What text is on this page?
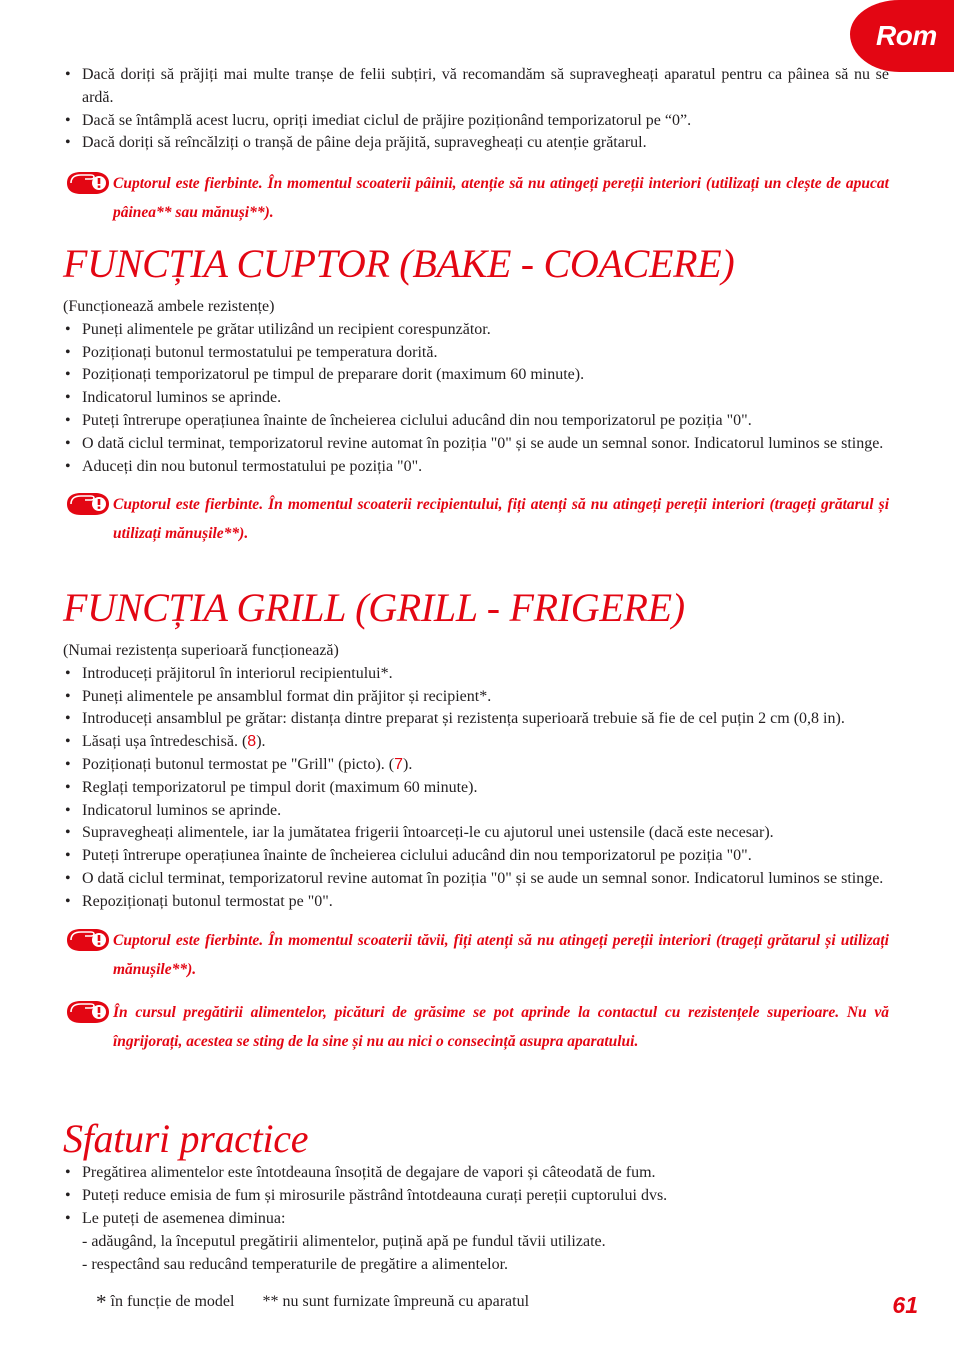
Rom
• Dacă doriți să prăjiți mai multe tranșe de felii subțiri, vă recomandăm să supravegheați aparatul pentru ca pâinea să nu se ardă.
• Dacă se întâmplă acest lucru, opriți imediat ciclul de prăjire poziționând temporizatorul pe “0”.
• Dacă doriți să reîncălziți o tranșă de pâine deja prăjită, supravegheați cu atenție grătarul.
Cuptorul este fierbinte. În momentul scoaterii pâinii, atenție să nu atingeți pereții interiori (utilizați un clește de apucat pâinea** sau mănuși**).
FUNCȚIA CUPTOR (BAKE - COACERE)
(Funcționează ambele rezistențe)
• Puneți alimentele pe grătar utilizând un recipient corespunzător.
• Poziționați butonul termostatului pe temperatura dorită.
• Poziționați temporizatorul pe timpul de preparare dorit (maximum 60 minute).
• Indicatorul luminos se aprinde.
• Puteți întrerupe operațiunea înainte de încheierea ciclului aducând din nou temporizatorul pe poziția "0".
• O dată ciclul terminat, temporizatorul revine automat în poziția "0" și se aude un semnal sonor. Indicatorul luminos se stinge.
• Aduceți din nou butonul termostatului pe poziția "0".
Cuptorul este fierbinte. În momentul scoaterii recipientului, fiți atenți să nu atingeți pereții interiori (trageți grătarul și utilizați mănușile**).
FUNCȚIA GRILL (GRILL - FRIGERE)
(Numai rezistența superioară funcționează)
• Introduceți prăjitorul în interiorul recipientului*.
• Puneți alimentele pe ansamblul format din prăjitor și recipient*.
• Introduceți ansamblul pe grătar: distanța dintre preparat și rezistența superioară trebuie să fie de cel puțin 2 cm (0,8 in).
• Lăsați ușa întredeschisă. (8).
• Poziționați butonul termostat pe "Grill" (picto). (7).
• Reglați temporizatorul pe timpul dorit (maximum 60 minute).
• Indicatorul luminos se aprinde.
• Supravegheați alimentele, iar la jumătatea frigerii întoarceți-le cu ajutorul unei ustensile (dacă este necesar).
• Puteți întrerupe operațiunea înainte de încheierea ciclului aducând din nou temporizatorul pe poziția "0".
• O dată ciclul terminat, temporizatorul revine automat în poziția "0" și se aude un semnal sonor. Indicatorul luminos se stinge.
• Repoziționați butonul termostat pe "0".
Cuptorul este fierbinte. În momentul scoaterii tăvii, fiți atenți să nu atingeți pereții interiori (trageți grătarul și utilizați mănușile**).
În cursul pregătirii alimentelor, picături de grăsime se pot aprinde la contactul cu rezistențele superioare. Nu vă îngrijorați, acestea se sting de la sine și nu au nici o consecință asupra aparatului.
Sfaturi practice
• Pregătirea alimentelor este întotdeauna însoțită de degajare de vapori și câteodată de fum.
• Puteți reduce emisia de fum și mirosurile păstrând întotdeauna curați pereții cuptorului dvs.
• Le puteți de asemenea diminua:
- adăugând, la începutul pregătirii alimentelor, puțină apă pe fundul tăvii utilizate.
- respectând sau reducând temperaturile de pregătire a alimentelor.
* în funcție de model ** nu sunt furnizate împreună cu aparatul	61
